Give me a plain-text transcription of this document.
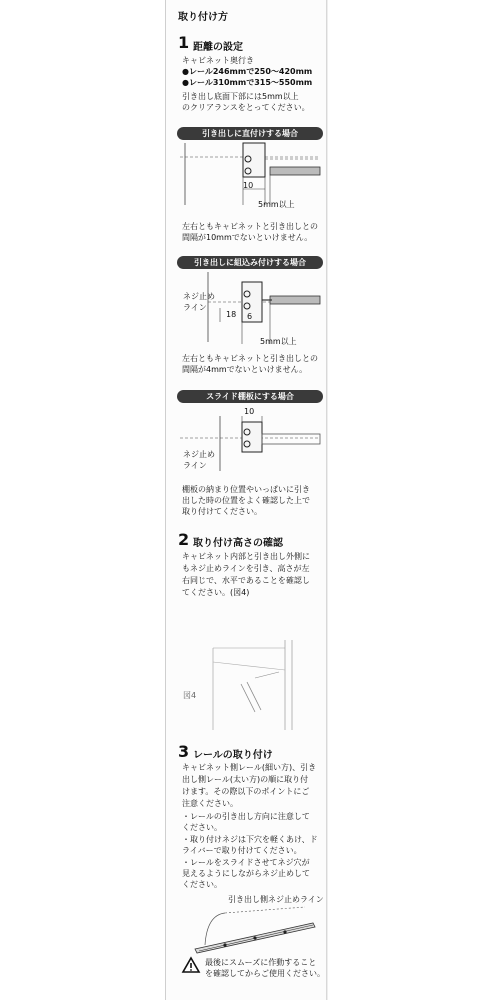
取り付け方
1 距離の設定
キャビネット奥行き
●レール246mmで250～420mm
●レール310mmで315～550mm
引き出し底面下部には5mm以上
のクリアランスをとってください。
引き出しに直付けする場合
10
5mm以上
左右ともキャビネットと引き出しとの
間隔が10mmでないといけません。
引き出しに組込み付けする場合
ネジ止め
ライン
18 6
5mm以上
左右ともキャビネットと引き出しとの
間隔が4mmでないといけません。
スライド棚板にする場合
10
ネジ止め
ライン
棚板の納まり位置やいっぱいに引き
出した時の位置をよく確認した上で
取り付けてください。
2 取り付け高さの確認
キャビネット内部と引き出し外側に
もネジ止めラインを引き、高さが左
右同じで、水平であることを確認し
てください。(図4)
図4
3 レールの取り付け
キャビネット側レール(細い方)、引き
出し側レール(太い方)の順に取り付
けます。その際以下のポイントにご
注意ください。
・レールの引き出し方向に注意して
ください。
・取り付けネジは下穴を軽くあけ、ド
ライバーで取り付けてください。
・レールをスライドさせてネジ穴が
見えるようにしながらネジ止めして
ください。
引き出し側ネジ止めライン
最後にスムーズに作動すること
を確認してからご使用ください。
